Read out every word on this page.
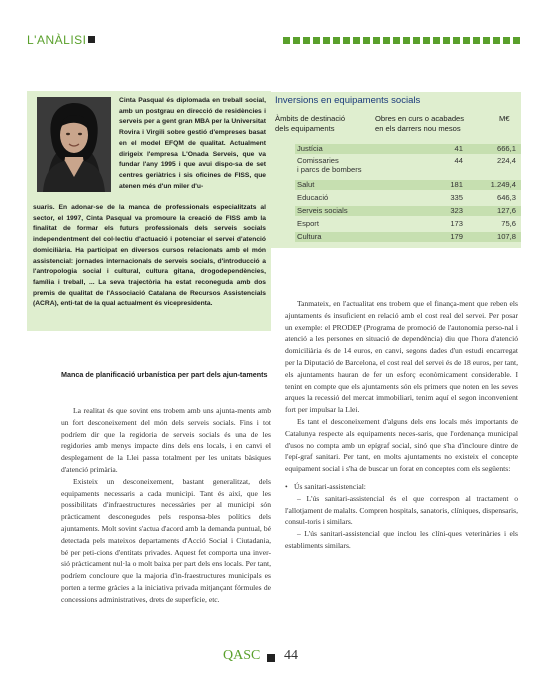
L'ANÀLISI
Cinta Pasqual és diplomada en treball social, amb un postgrau en direcció de residències i serveis per a gent gran MBA per la Universitat Rovira i Virgili sobre gestió d'empreses basat en el model EFQM de qualitat. Actualment dirigeix l'empresa L'Onada Serveis, que va fundar l'any 1995 i que avui dispo-sa de set centres geriàtrics i sis oficines de FISS, que atenen més d'un miler d'u-
suaris. En adonar-se de la manca de professionals especialitzats al sector, el 1997, Cinta Pasqual va promoure la creació de FISS amb la finalitat de formar els futurs professionals dels serveis socials independentment del col·lectiu d'actuació i potenciar el servei d'atenció domiciliària. Ha participat en diversos cursos relacionats amb el món assistencial: jornades internacionals de serveis socials, d'introducció a l'antropologia social i cultural, cultura gitana, drogodependències, família i treball, ... La seva trajectòria ha estat reconeguda amb dos premis de qualitat de l'Associació Catalana de Recursos Assistencials (ACRA), enti-tat de la qual actualment és vicepresidenta.
Inversions en equipaments socials
Àmbits de destinació
dels equipaments
Obres en curs o acabades
en els darrers nou mesos
M€
Justícia	41	666,1
Comissaries
i parcs de bombers
44	224,4
Salut	181	1.249,4
Educació	335	646,3
Serveis socials	323	127,6
Esport	173	75,6
Cultura	179	107,8
Manca de planificació urbanística per part dels ajun-taments

La realitat és que sovint ens trobem amb uns ajunta-ments amb un fort desconeixement del món dels serveis socials. Fins i tot podríem dir que la regidoria de serveis socials és una de les regidories amb menys impacte dins dels ens locals, i en canvi el desplegament de la Llei passa totalment per les unitats bàsiques d'atenció primària.

Existeix un desconeixement, bastant generalitzat, dels equipaments necessaris a cada municipi. Tant és així, que les possibilitats d'infraestructures necessàries per al municipi són pràcticament desconegudes pels responsa-bles polítics dels ajuntaments. Molt sovint s'actua d'acord amb la demanda puntual, bé detectada pels mateixos departaments d'Acció Social i Ciutadania, bé per peti-cions d'entitats privades. Aquest fet comporta una inver-sió pràcticament nul·la o molt baixa per part dels ens locals. Per tant, podríem concloure que la majoria d'in-fraestructures municipals es porten a terme gràcies a la iniciativa privada mitjançant fórmules de concessions administratives, drets de superfície, etc.

Tanmateix, en l'actualitat ens trobem que el finança-ment que reben els ajuntaments és insuficient en relació amb el cost real del servei. Per posar un exemple: el PRODEP (Programa de promoció de l'autonomia perso-nal i atenció a les persones en situació de dependència) diu que l'hora d'atenció domiciliària és de 14 euros, en canvi, segons dades d'un estudi encarregat per la Diputació de Barcelona, el cost real del servei és de 18 euros, per tant, els ajuntaments hauran de fer un esforç econòmicament considerable. I tenint en compte que els ajuntaments són els primers que noten en les seves arques la recessió del mercat immobiliari, tenim aquí el segon inconvenient fort per impulsar la Llei.

Es tant el desconeixement d'alguns dels ens locals més importants de Catalunya respecte als equipaments neces-saris, que l'ordenança municipal d'usos no compta amb un epígraf social, sinó que s'ha d'incloure dintre de l'epí-graf sanitari. Per tant, en molts ajuntaments no existeix el concepte equipament social i s'ha de buscar un forat en conceptes com els següents:

• Ús sanitari-assistencial:

– L'ús sanitari-assistencial és el que correspon al tractament o l'allotjament de malalts. Compren hospitals, sanatoris, clíniques, dispensaris, consul-toris i similars.

– L'ús sanitari-assistencial que inclou les clíni-ques veterinàries i els establiments similars.

QASC 44
